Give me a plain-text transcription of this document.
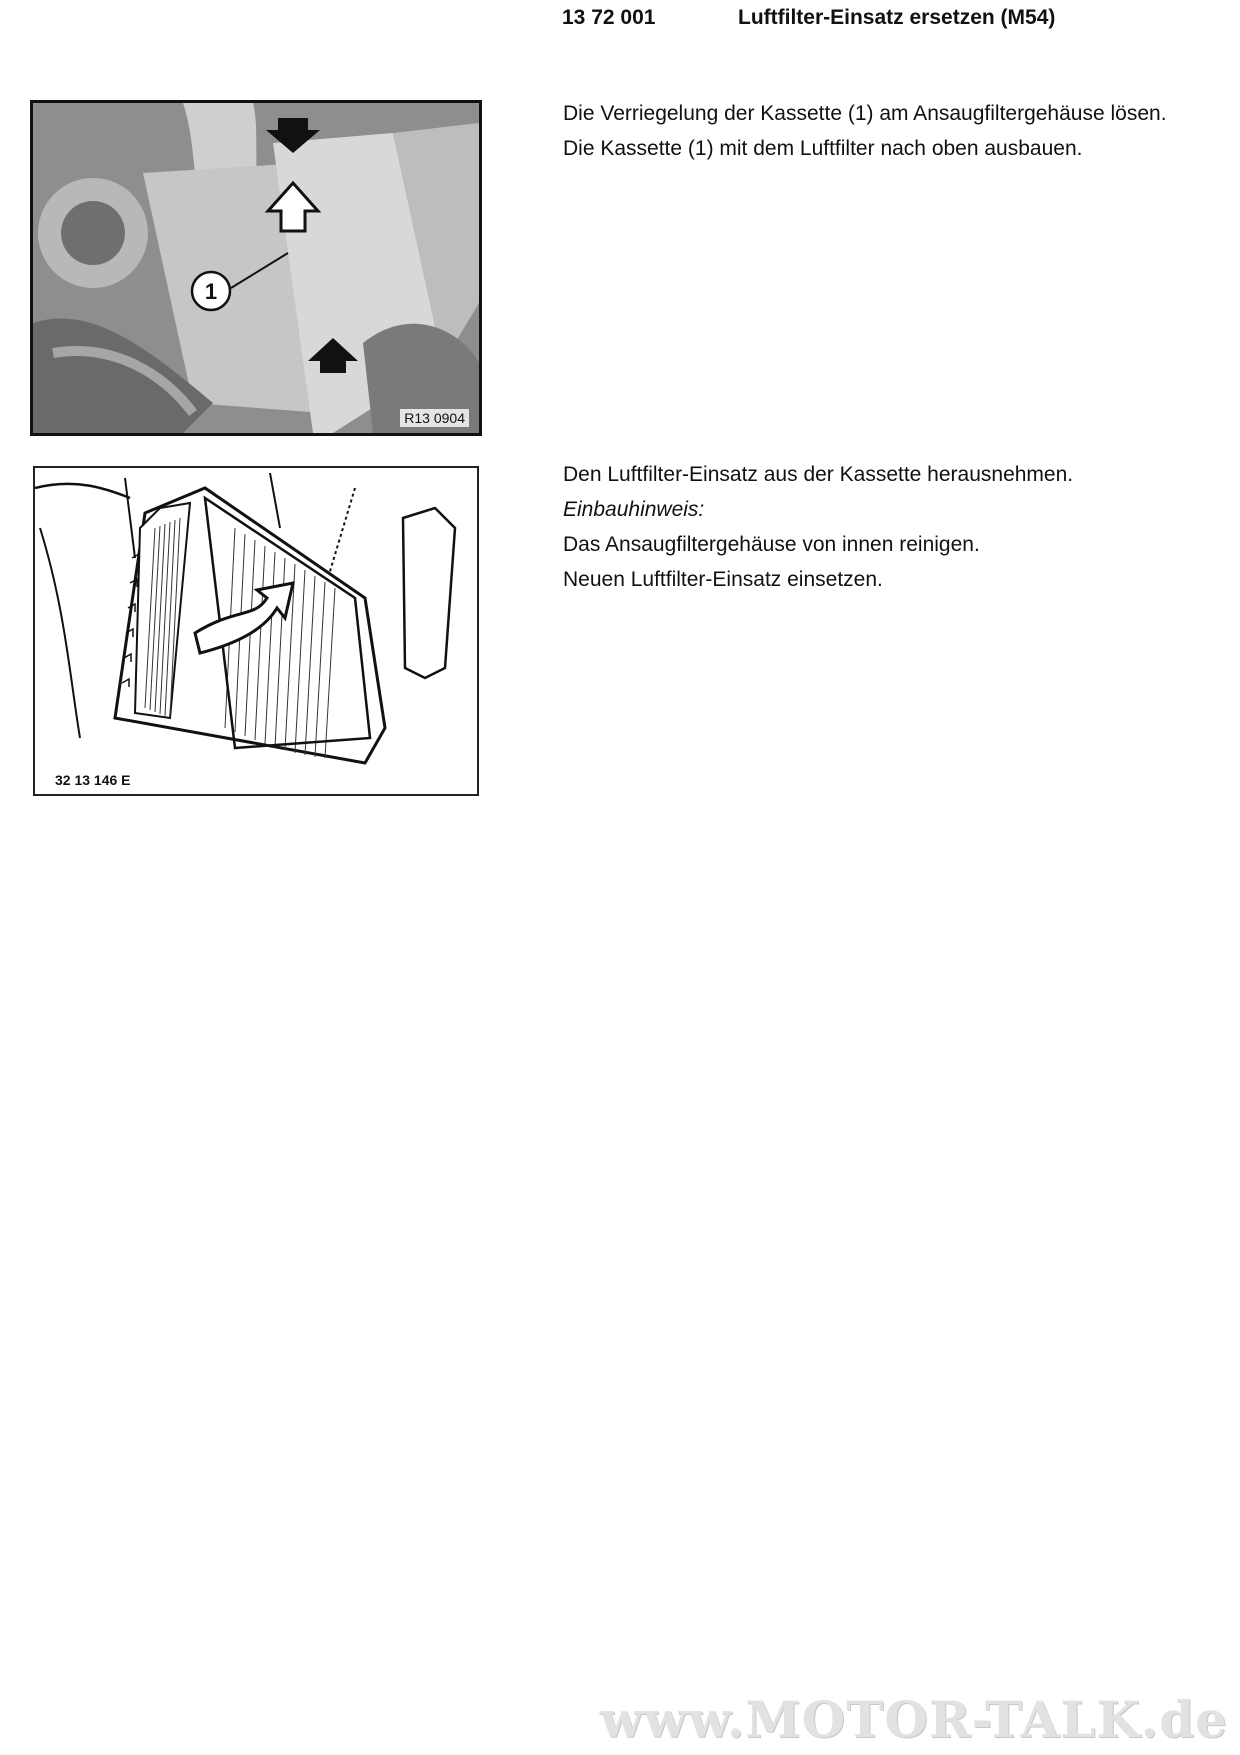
13 72 001	Luftfilter-Einsatz ersetzen (M54)
1
R13 0904
32 13 146 E

Die Verriegelung der Kassette (1) am Ansaugfiltergehäuse lösen.

Die Kassette (1) mit dem Luftfilter nach oben ausbauen.

Den Luftfilter-Einsatz aus der Kassette herausnehmen.

Einbauhinweis:

Das Ansaugfiltergehäuse von innen reinigen.

Neuen Luftfilter-Einsatz einsetzen.

www.MOTOR-TALK.de
